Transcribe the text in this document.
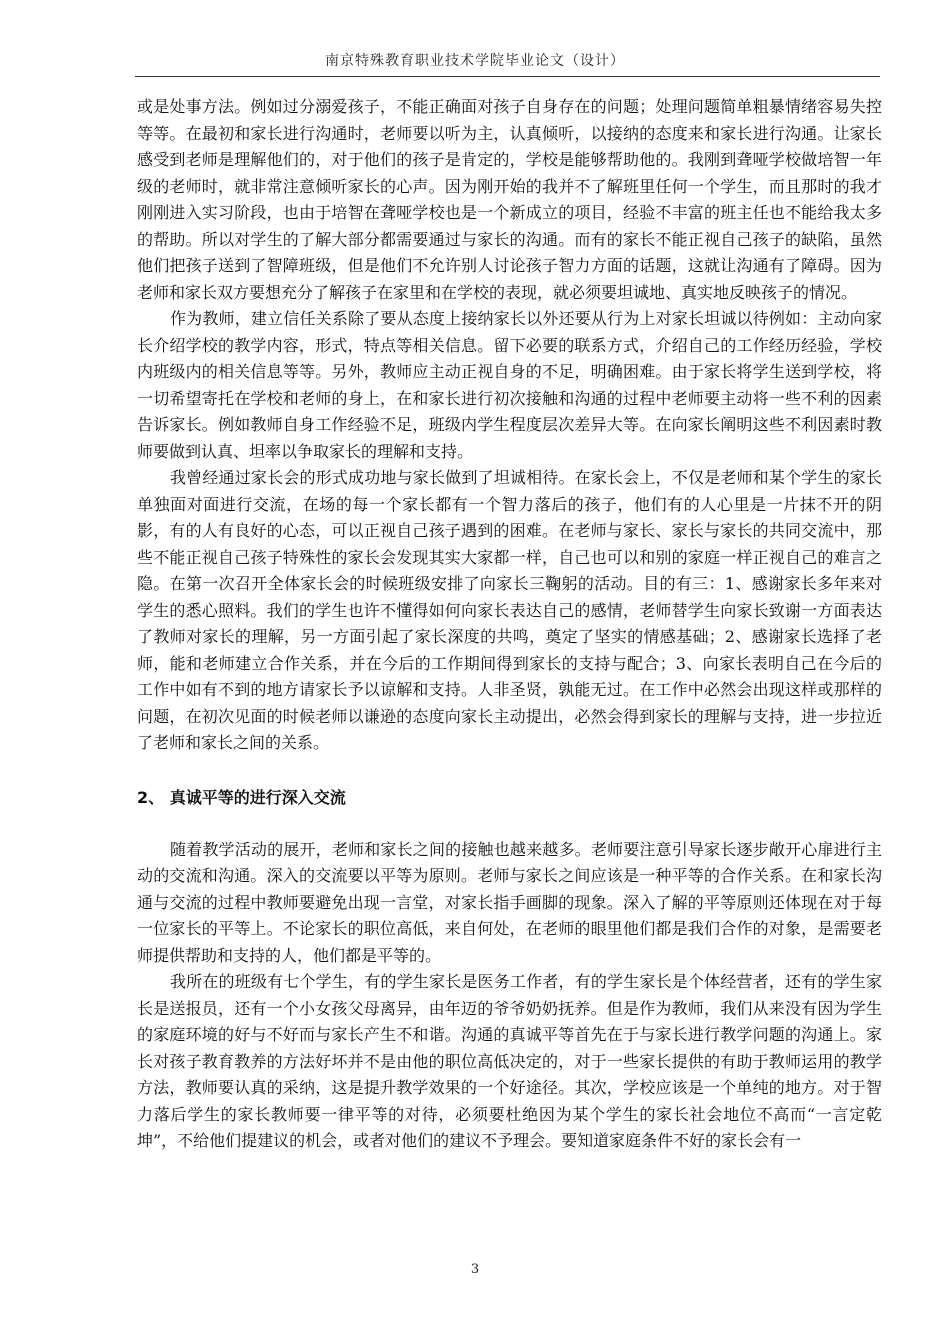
南京特殊教育职业技术学院毕业论文（设计）

或是处事方法。例如过分溺爱孩子，不能正确面对孩子自身存在的问题；处理问题简单粗暴情绪容易失控等等。在最初和家长进行沟通时，老师要以听为主，认真倾听，以接纳的态度来和家长进行沟通。让家长感受到老师是理解他们的，对于他们的孩子是肯定的，学校是能够帮助他的。我刚到聋哑学校做培智一年级的老师时，就非常注意倾听家长的心声。因为刚开始的我并不了解班里任何一个学生，而且那时的我才刚刚进入实习阶段，也由于培智在聋哑学校也是一个新成立的项目，经验不丰富的班主任也不能给我太多的帮助。所以对学生的了解大部分都需要通过与家长的沟通。而有的家长不能正视自己孩子的缺陷，虽然他们把孩子送到了智障班级，但是他们不允许别人讨论孩子智力方面的话题，这就让沟通有了障碍。因为老师和家长双方要想充分了解孩子在家里和在学校的表现，就必须要坦诚地、真实地反映孩子的情况。

作为教师，建立信任关系除了要从态度上接纳家长以外还要从行为上对家长坦诚以待例如：主动向家长介绍学校的教学内容，形式，特点等相关信息。留下必要的联系方式，介绍自己的工作经历经验，学校内班级内的相关信息等等。另外，教师应主动正视自身的不足，明确困难。由于家长将学生送到学校，将一切希望寄托在学校和老师的身上，在和家长进行初次接触和沟通的过程中老师要主动将一些不利的因素告诉家长。例如教师自身工作经验不足，班级内学生程度层次差异大等。在向家长阐明这些不利因素时教师要做到认真、坦率以争取家长的理解和支持。

我曾经通过家长会的形式成功地与家长做到了坦诚相待。在家长会上，不仅是老师和某个学生的家长单独面对面进行交流，在场的每一个家长都有一个智力落后的孩子，他们有的人心里是一片抹不开的阴影，有的人有良好的心态，可以正视自己孩子遇到的困难。在老师与家长、家长与家长的共同交流中，那些不能正视自己孩子特殊性的家长会发现其实大家都一样，自己也可以和别的家庭一样正视自己的难言之隐。在第一次召开全体家长会的时候班级安排了向家长三鞠躬的活动。目的有三：1、感谢家长多年来对学生的悉心照料。我们的学生也许不懂得如何向家长表达自己的感情，老师替学生向家长致谢一方面表达了教师对家长的理解，另一方面引起了家长深度的共鸣，奠定了坚实的情感基础；2、感谢家长选择了老师，能和老师建立合作关系，并在今后的工作期间得到家长的支持与配合；3、向家长表明自己在今后的工作中如有不到的地方请家长予以谅解和支持。人非圣贤，孰能无过。在工作中必然会出现这样或那样的问题，在初次见面的时候老师以谦逊的态度向家长主动提出，必然会得到家长的理解与支持，进一步拉近了老师和家长之间的关系。

2、 真诚平等的进行深入交流

随着教学活动的展开，老师和家长之间的接触也越来越多。老师要注意引导家长逐步敞开心扉进行主动的交流和沟通。深入的交流要以平等为原则。老师与家长之间应该是一种平等的合作关系。在和家长沟通与交流的过程中教师要避免出现一言堂，对家长指手画脚的现象。深入了解的平等原则还体现在对于每一位家长的平等上。不论家长的职位高低，来自何处，在老师的眼里他们都是我们合作的对象，是需要老师提供帮助和支持的人，他们都是平等的。

我所在的班级有七个学生，有的学生家长是医务工作者，有的学生家长是个体经营者，还有的学生家长是送报员，还有一个小女孩父母离异，由年迈的爷爷奶奶抚养。但是作为教师，我们从来没有因为学生的家庭环境的好与不好而与家长产生不和谐。沟通的真诚平等首先在于与家长进行教学问题的沟通上。家长对孩子教育教养的方法好坏并不是由他的职位高低决定的，对于一些家长提供的有助于教师运用的教学方法，教师要认真的采纳，这是提升教学效果的一个好途径。其次，学校应该是一个单纯的地方。对于智力落后学生的家长教师要一律平等的对待，必须要杜绝因为某个学生的家长社会地位不高而“一言定乾坤”，不给他们提建议的机会，或者对他们的建议不予理会。要知道家庭条件不好的家长会有一

3
